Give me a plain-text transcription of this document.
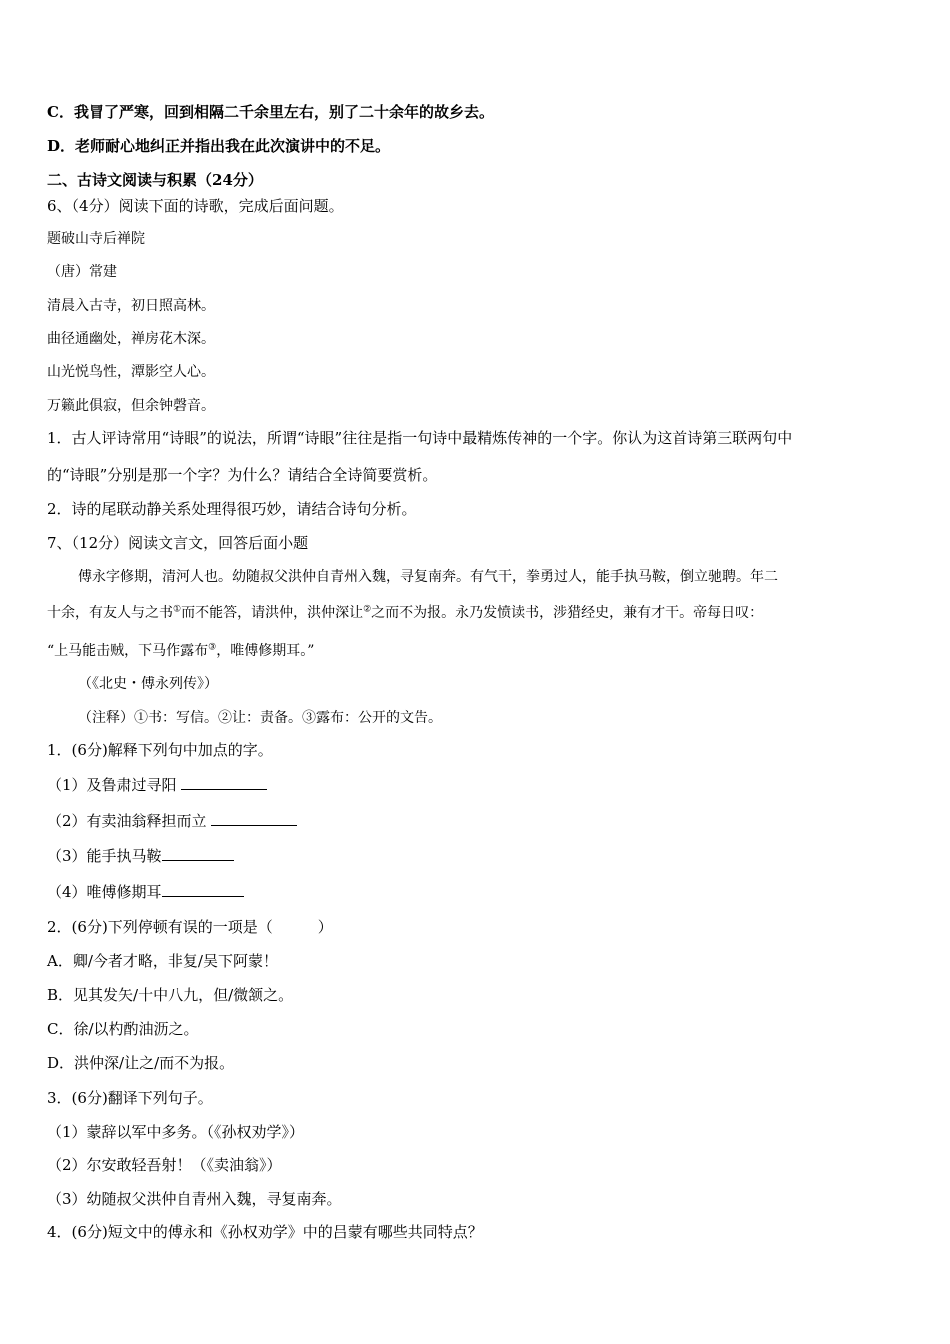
C．我冒了严寒，回到相隔二千余里左右，别了二十余年的故乡去。
D．老师耐心地纠正并指出我在此次演讲中的不足。
二、古诗文阅读与积累（24分）
6、（4分）阅读下面的诗歌，完成后面问题。
题破山寺后禅院
（唐）常建
清晨入古寺，初日照高林。
曲径通幽处，禅房花木深。
山光悦鸟性，潭影空人心。
万籁此俱寂，但余钟磬音。
1．古人评诗常用“诗眼”的说法，所谓“诗眼”往往是指一句诗中最精炼传神的一个字。你认为这首诗第三联两句中
的“诗眼”分别是那一个字？为什么？请结合全诗简要赏析。
2．诗的尾联动静关系处理得很巧妙，请结合诗句分析。
7、（12分）阅读文言文，回答后面小题
傅永字修期，清河人也。幼随叔父洪仲自青州入魏，寻复南奔。有气干，拳勇过人，能手执马鞍，倒立驰聘。年二
十余，有友人与之书①而不能答，请洪仲，洪仲深让②之而不为报。永乃发愤读书，涉猎经史，兼有才干。帝每日叹：
“上马能击贼，下马作露布③，唯傅修期耳。”
（《北史・傅永列传》）
（注释）①书：写信。②让：责备。③露布：公开的文告。
1．(6分)解释下列句中加点的字。
（1）及鲁肃过寻阳
（2）有卖油翁释担而立
（3）能手执马鞍
（4）唯傅修期耳
2．(6分)下列停顿有误的一项是（　　　）
A．卿/今者才略，非复/吴下阿蒙！
B．见其发矢/十中八九，但/微颔之。
C．徐/以杓酌油沥之。
D．洪仲深/让之/而不为报。
3．(6分)翻译下列句子。
（1）蒙辞以军中多务。（《孙权劝学》）
（2）尔安敢轻吾射！（《卖油翁》）
（3）幼随叔父洪仲自青州入魏，寻复南奔。
4．(6分)短文中的傅永和《孙权劝学》中的吕蒙有哪些共同特点？
